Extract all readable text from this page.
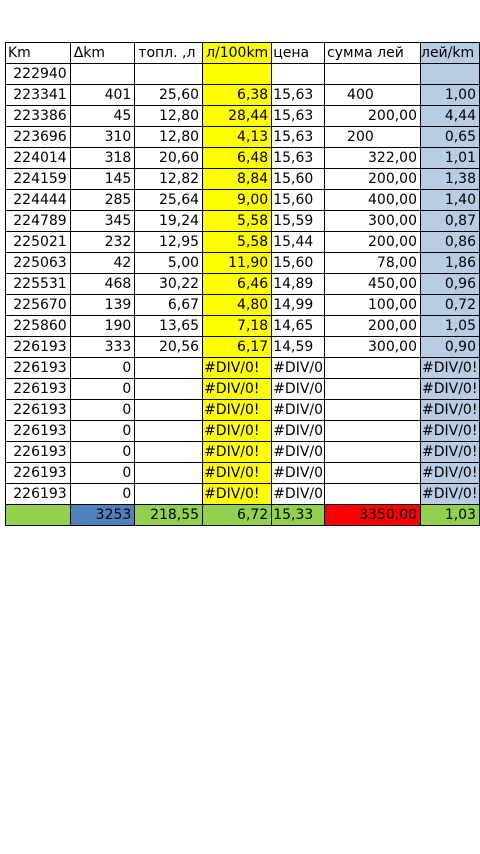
Km	Δkm	топл. ,л	л/100km	цена	сумма лей	лей/km
222940						
223341	401	25,60	6,38	15,63	400	1,00
223386	45	12,80	28,44	15,63	200,00	4,44
223696	310	12,80	4,13	15,63	200	0,65
224014	318	20,60	6,48	15,63	322,00	1,01
224159	145	12,82	8,84	15,60	200,00	1,38
224444	285	25,64	9,00	15,60	400,00	1,40
224789	345	19,24	5,58	15,59	300,00	0,87
225021	232	12,95	5,58	15,44	200,00	0,86
225063	42	5,00	11,90	15,60	78,00	1,86
225531	468	30,22	6,46	14,89	450,00	0,96
225670	139	6,67	4,80	14,99	100,00	0,72
225860	190	13,65	7,18	14,65	200,00	1,05
226193	333	20,56	6,17	14,59	300,00	0,90
226193	0		#DIV/0!	#DIV/0		#DIV/0!
226193	0		#DIV/0!	#DIV/0		#DIV/0!
226193	0		#DIV/0!	#DIV/0		#DIV/0!
226193	0		#DIV/0!	#DIV/0		#DIV/0!
226193	0		#DIV/0!	#DIV/0		#DIV/0!
226193	0		#DIV/0!	#DIV/0		#DIV/0!
226193	0		#DIV/0!	#DIV/0		#DIV/0!
	3253	218,55	6,72	15,33	3350,00	1,03
